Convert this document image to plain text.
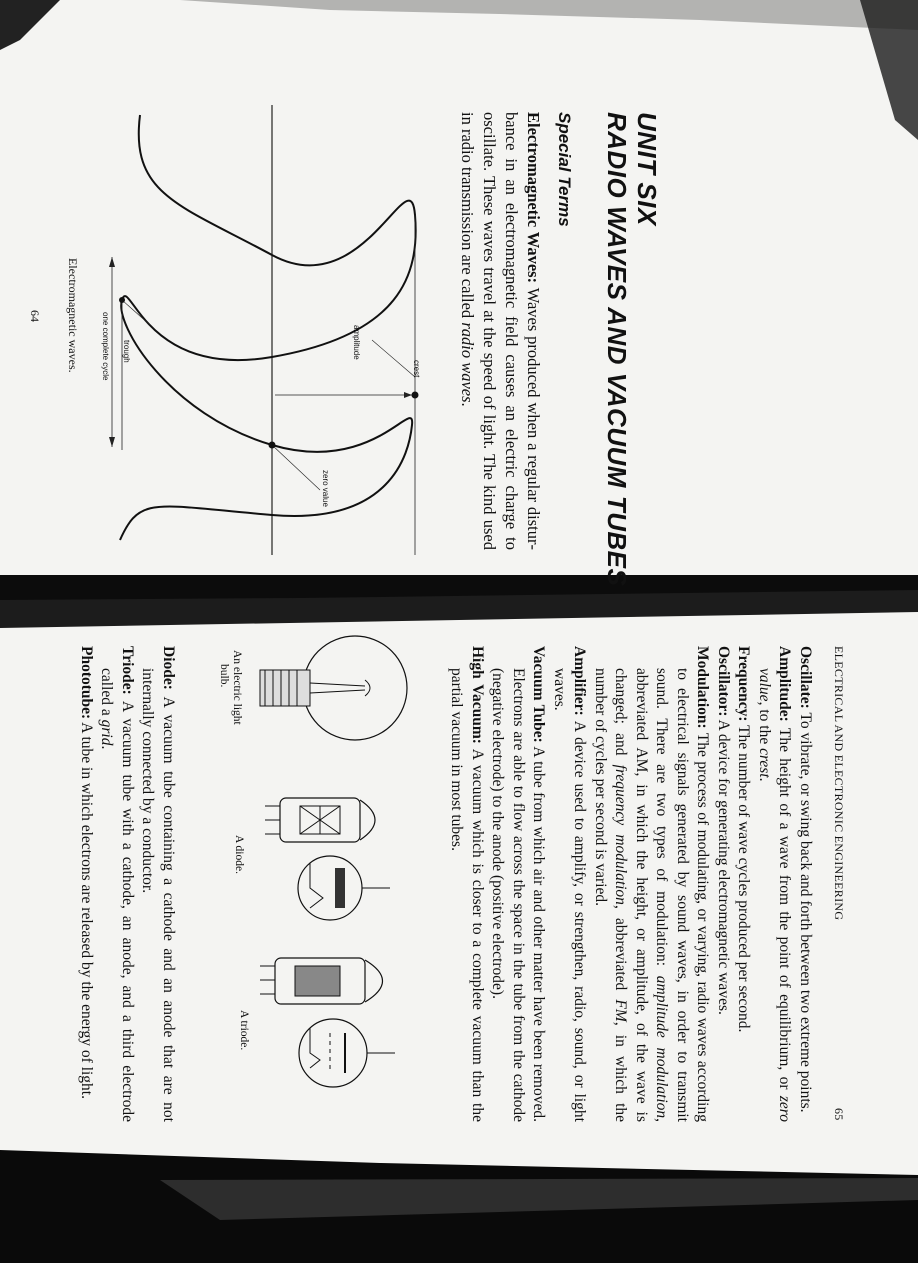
UNIT SIX
RADIO WAVES AND VACUUM TUBES
Special Terms

Electromagnetic Waves: Waves produced when a regular disturbance in an electromagnetic field causes an electric charge to oscillate. These waves travel at the speed of light. The kind used in radio transmission are called radio waves.

crest
amplitude
zero value
trough
one complete cycle
Electromagnetic waves.
64
ELECTRICAL AND ELECTRONIC ENGINEERING
65

Oscillate: To vibrate, or swing back and forth between two extreme points.

Amplitude: The height of a wave from the point of equilibrium, or zero value, to the crest.

Frequency: The number of wave cycles produced per second.

Oscillator: A device for generating electromagnetic waves.

Modulation: The process of modulating, or varying, radio waves according to electrical signals generated by sound waves, in order to transmit sound. There are two types of modulation: amplitude modulation, abbreviated AM, in which the height, or amplitude, of the wave is changed; and frequency modulation, abbreviated FM, in which the number of cycles per second is varied.

Amplifier: A device used to amplify, or strengthen, radio, sound, or light waves.

Vacuum Tube: A tube from which air and other matter have been removed. Electrons are able to flow across the space in the tube from the cathode (negative electrode) to the anode (positive electrode).

High Vacuum: A vacuum which is closer to a complete vacuum than the partial vacuum in most tubes.

An electric light
bulb.
A diode.
A triode.

Diode: A vacuum tube containing a cathode and an anode that are not internally connected by a conductor.

Triode: A vacuum tube with a cathode, an anode, and a third electrode called a grid.

Phototube: A tube in which electrons are released by the energy of light.
